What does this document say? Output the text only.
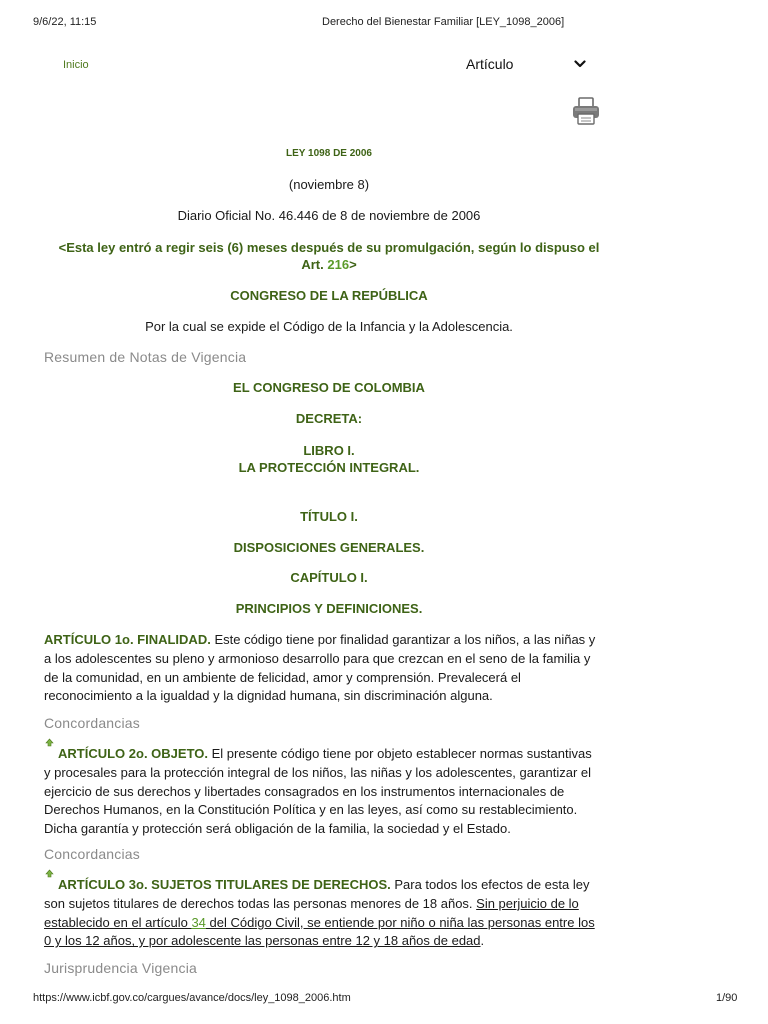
9/6/22, 11:15	Derecho del Bienestar Familiar [LEY_1098_2006]
Inicio	Artículo
LEY 1098 DE 2006
(noviembre 8)
Diario Oficial No. 46.446 de 8 de noviembre de 2006
<Esta ley entró a regir seis (6) meses después de su promulgación, según lo dispuso el
Art. 216>
CONGRESO DE LA REPÚBLICA
Por la cual se expide el Código de la Infancia y la Adolescencia.
Resumen de Notas de Vigencia
EL CONGRESO DE COLOMBIA
DECRETA:
LIBRO I.
LA PROTECCIÓN INTEGRAL.
TÍTULO I.
DISPOSICIONES GENERALES.
CAPÍTULO I.
PRINCIPIOS Y DEFINICIONES.
ARTÍCULO 1o. FINALIDAD. Este código tiene por finalidad garantizar a los niños, a las niñas y
a los adolescentes su pleno y armonioso desarrollo para que crezcan en el seno de la familia y
de la comunidad, en un ambiente de felicidad, amor y comprensión. Prevalecerá el
reconocimiento a la igualdad y la dignidad humana, sin discriminación alguna.
Concordancias
ARTÍCULO 2o. OBJETO. El presente código tiene por objeto establecer normas sustantivas
y procesales para la protección integral de los niños, las niñas y los adolescentes, garantizar el
ejercicio de sus derechos y libertades consagrados en los instrumentos internacionales de
Derechos Humanos, en la Constitución Política y en las leyes, así como su restablecimiento.
Dicha garantía y protección será obligación de la familia, la sociedad y el Estado.
Concordancias
ARTÍCULO 3o. SUJETOS TITULARES DE DERECHOS. Para todos los efectos de esta ley
son sujetos titulares de derechos todas las personas menores de 18 años. Sin perjuicio de lo
establecido en el artículo 34 del Código Civil, se entiende por niño o niña las personas entre los
0 y los 12 años, y por adolescente las personas entre 12 y 18 años de edad.
Jurisprudencia Vigencia
https://www.icbf.gov.co/cargues/avance/docs/ley_1098_2006.htm	1/90
